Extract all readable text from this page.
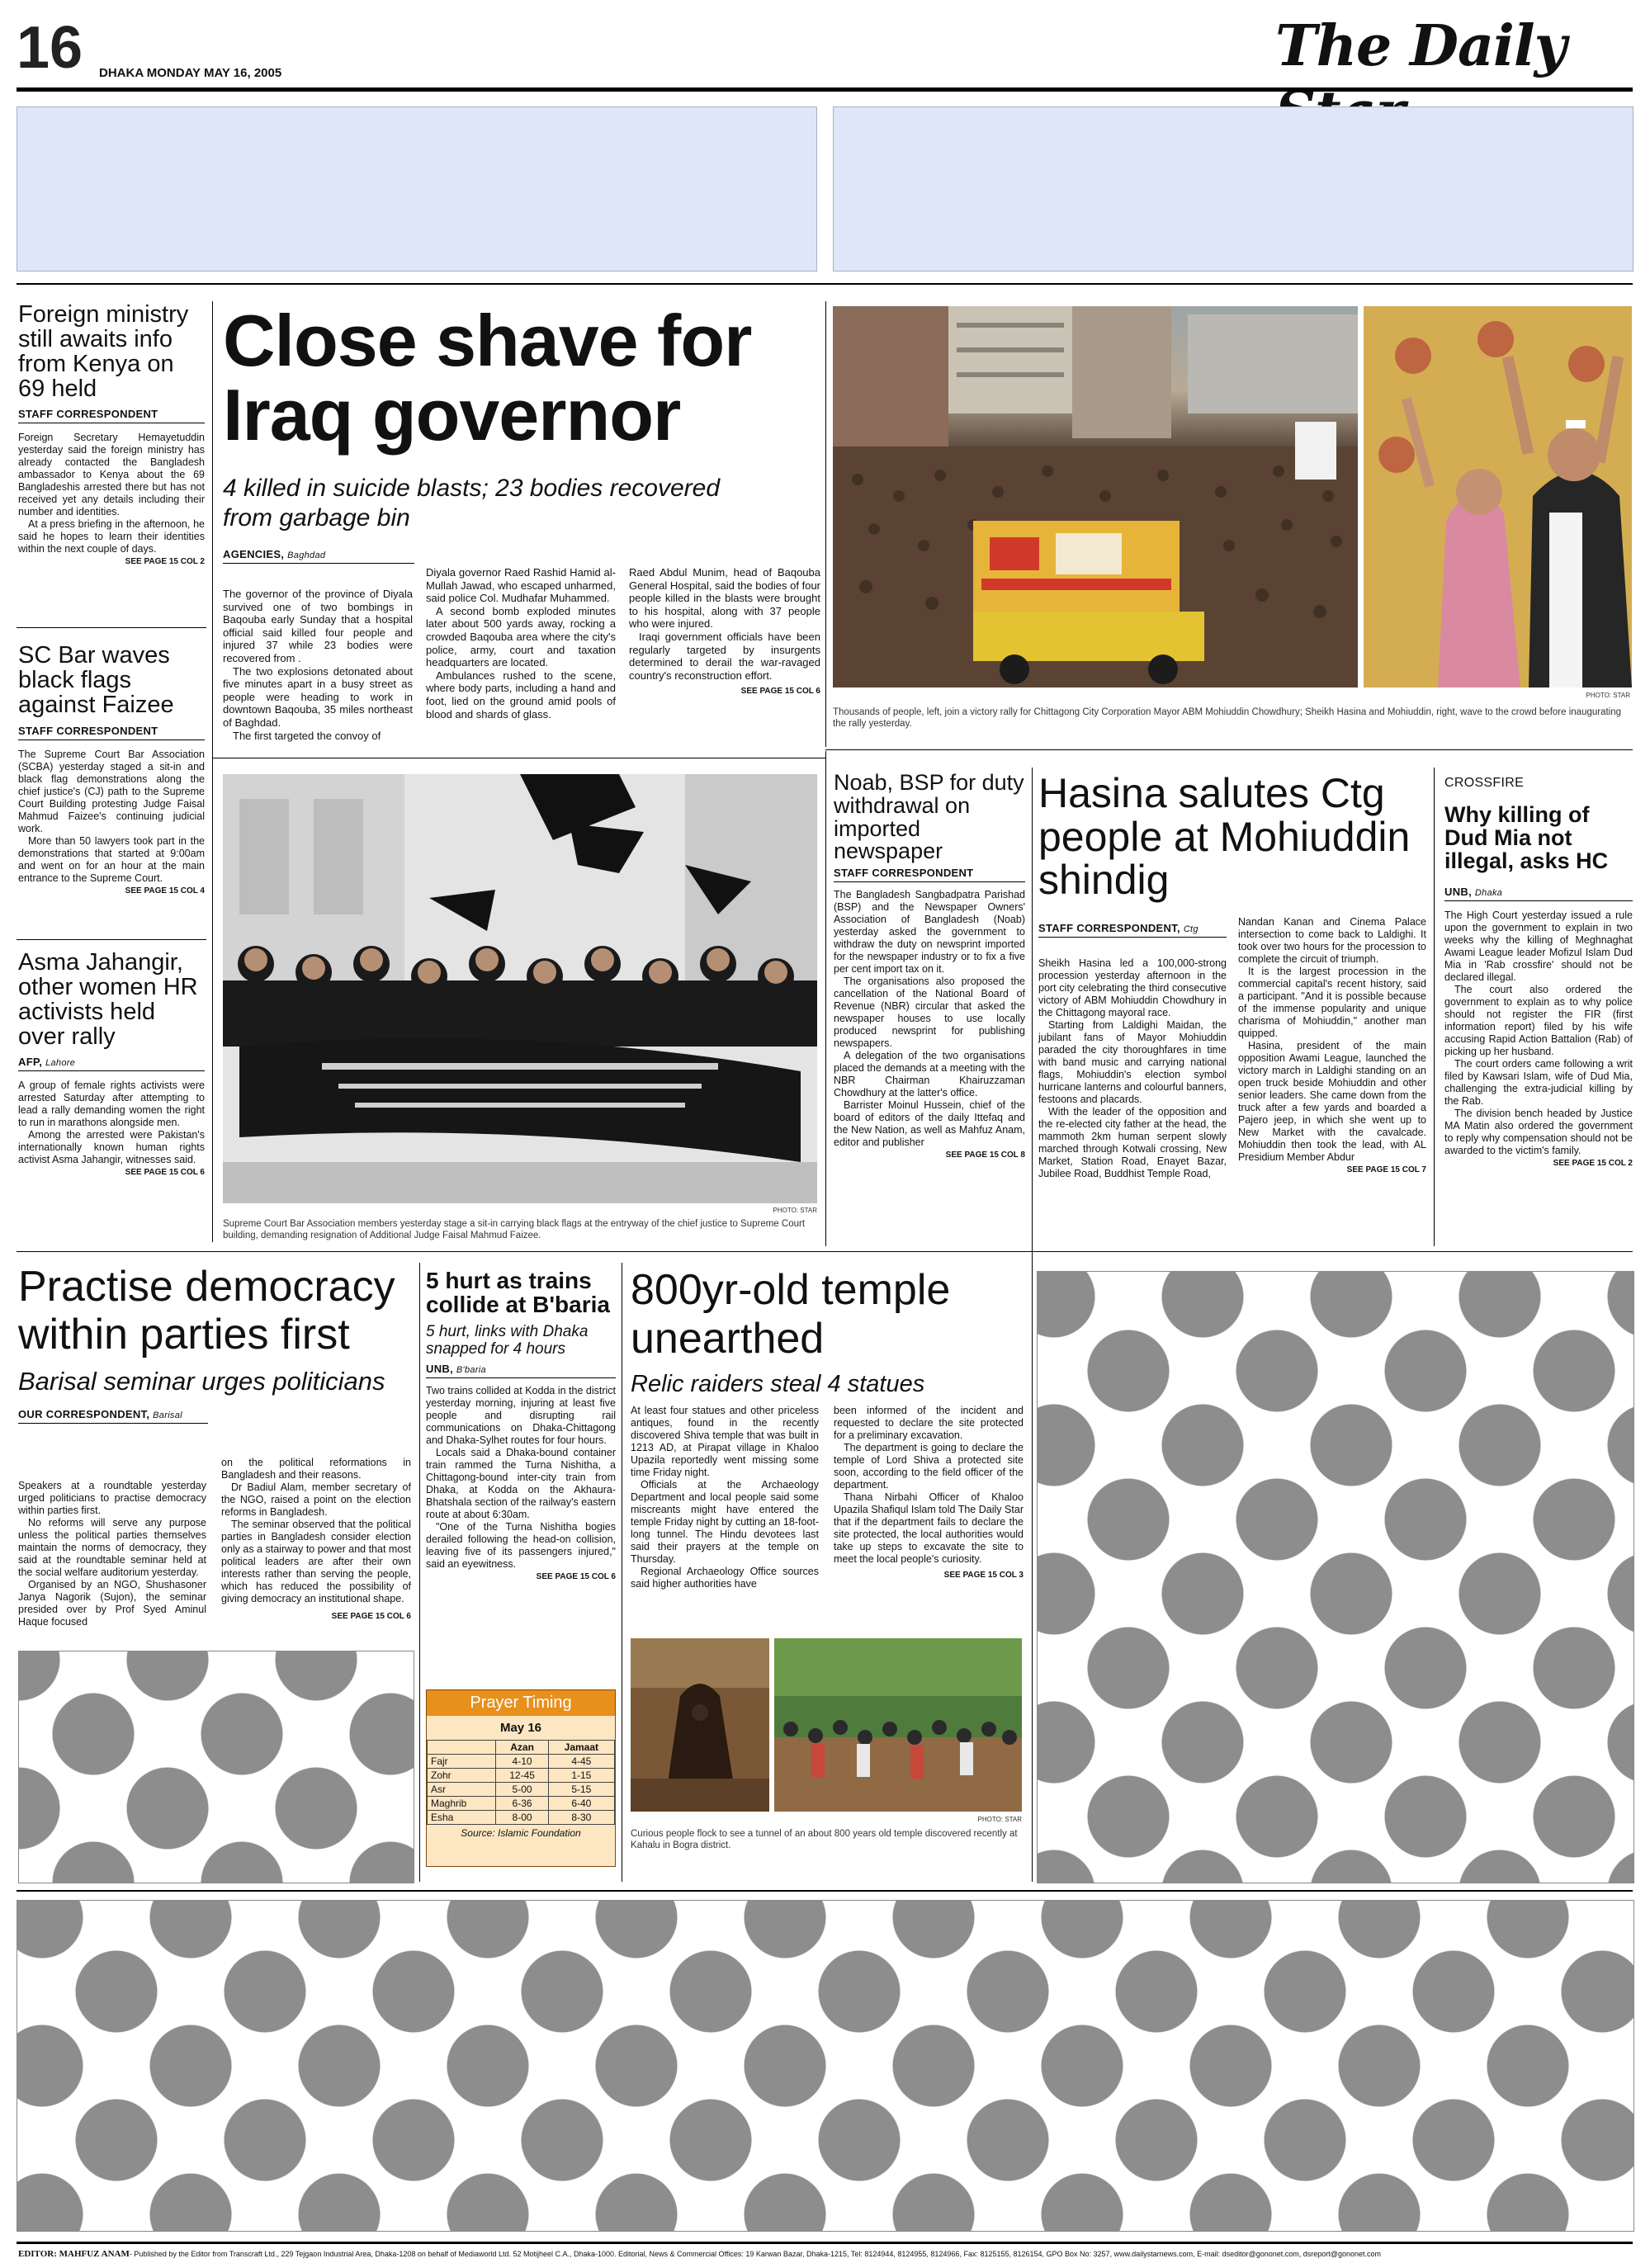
16 DHAKA MONDAY MAY 16, 2005	The Daily
Foreign ministry still awaits info from Kenya on 69 held
STAFF CORRESPONDENT

Foreign Secretary Hemayetuddin yesterday said the foreign ministry has already contacted the Bangladesh ambassador to Kenya about the 69 Bangladeshis arrested there but has not received yet any details including their number and identities.

At a press briefing in the afternoon, he said he hopes to learn their identities within the next couple of days.

SEE PAGE 15 COL 2
SC Bar waves black flags against Faizee
STAFF CORRESPONDENT

The Supreme Court Bar Association (SCBA) yesterday staged a sit-in and black flag demonstrations along the chief justice's (CJ) path to the Supreme Court Building protesting Judge Faisal Mahmud Faizee's continuing judicial work.

More than 50 lawyers took part in the demonstrations that started at 9:00am and went on for an hour at the main entrance to the Supreme Court.

SEE PAGE 15 COL 4
Asma Jahangir, other women HR activists held over rally
AFP, Lahore

A group of female rights activists were arrested Saturday after attempting to lead a rally demanding women the right to run in marathons alongside men.

Among the arrested were Pakistan's internationally known human rights activist Asma Jahangir, witnesses said.

SEE PAGE 15 COL 6
Close shave for Iraq governor
4 killed in suicide blasts; 23 bodies recovered from garbage bin
AGENCIES, Baghdad

The governor of the province of Diyala survived one of two bombings in Baqouba early Sunday that a hospital official said killed four people and injured 37 while 23 bodies were recovered from .

The two explosions detonated about five minutes apart in a busy street as people were heading to work in downtown Baqouba, 35 miles northeast of Baghdad.

The first targeted the convoy of

Diyala governor Raed Rashid Hamid al-Mullah Jawad, who escaped unharmed, said police Col. Mudhafar Muhammed.

A second bomb exploded minutes later about 500 yards away, rocking a crowded Baqouba area where the city's police, army, court and taxation headquarters are located.

Ambulances rushed to the scene, where body parts, including a hand and foot, lied on the ground amid pools of blood and shards of glass.

Raed Abdul Munim, head of Baqouba General Hospital, said the bodies of four people killed in the blasts were brought to his hospital, along with 37 people who were injured.

Iraqi government officials have been regularly targeted by insurgents determined to derail the war-ravaged country's reconstruction effort.

SEE PAGE 15 COL 6	PHOTO: STAR
Thousands of people, left, join a victory rally for Chittagong City Corporation Mayor ABM Mohiuddin Chowdhury; Sheikh Hasina and Mohiuddin, right, wave to the crowd before inaugurating the rally yesterday.
PHOTO: STAR
Supreme Court Bar Association members yesterday stage a sit-in carrying black flags at the entryway of the chief justice to Supreme Court building, demanding resignation of Additional Judge Faisal Mahmud Faizee.
Noab, BSP for duty withdrawal on imported newspaper
STAFF CORRESPONDENT

The Bangladesh Sangbadpatra Parishad (BSP) and the Newspaper Owners' Association of Bangladesh (Noab) yesterday asked the government to withdraw the duty on newsprint imported for the newspaper industry or to fix a five per cent import tax on it.

The organisations also proposed the cancellation of the National Board of Revenue (NBR) circular that asked the newspaper houses to use locally produced newsprint for publishing newspapers.

A delegation of the two organisations placed the demands at a meeting with the NBR Chairman Khairuzzaman Chowdhury at the latter's office.

Barrister Moinul Hussein, chief of the board of editors of the daily Ittefaq and the New Nation, as well as Mahfuz Anam, editor and publisher

SEE PAGE 15 COL 8
Hasina salutes Ctg people at Mohiuddin shindig
STAFF CORRESPONDENT, Ctg

Sheikh Hasina led a 100,000-strong procession yesterday afternoon in the port city celebrating the third consecutive victory of ABM Mohiuddin Chowdhury in the Chittagong mayoral race.

Starting from Laldighi Maidan, the jubilant fans of Mayor Mohiuddin paraded the city thoroughfares in time with band music and carrying national flags, Mohiuddin's election symbol hurricane lanterns and colourful banners, festoons and placards.

With the leader of the opposition and the re-elected city father at the head, the mammoth 2km human serpent slowly marched through Kotwali crossing, New Market, Station Road, Enayet Bazar, Jubilee Road, Buddhist Temple Road,

Nandan Kanan and Cinema Palace intersection to come back to Laldighi. It took over two hours for the procession to complete the circuit of triumph.

It is the largest procession in the commercial capital's recent history, said a participant. "And it is possible because of the immense popularity and unique charisma of Mohiuddin," another man quipped.

Hasina, president of the main opposition Awami League, launched the victory march in Laldighi standing on an open truck beside Mohiuddin and other senior leaders. She came down from the truck after a few yards and boarded a Pajero jeep, in which she went up to New Market with the cavalcade. Mohiuddin then took the lead, with AL Presidium Member Abdur

SEE PAGE 15 COL 7
CROSSFIRE
Why killing of Dud Mia not illegal, asks HC
UNB, Dhaka

The High Court yesterday issued a rule upon the government to explain in two weeks why the killing of Meghnaghat Awami League leader Mofizul Islam Dud Mia in 'Rab crossfire' should not be declared illegal.

The court also ordered the government to explain as to why police should not register the FIR (first information report) filed by his wife accusing Rapid Action Battalion (Rab) of picking up her husband.

The court orders came following a writ filed by Kawsari Islam, wife of Dud Mia, challenging the extra-judicial killing by the Rab.

The division bench headed by Justice MA Matin also ordered the government to reply why compensation should not be awarded to the victim's family.

SEE PAGE 15 COL 2
Practise democracy within parties first
Barisal seminar urges politicians
OUR CORRESPONDENT, Barisal

Speakers at a roundtable yesterday urged politicians to practise democracy within parties first.

No reforms will serve any purpose unless the political parties themselves maintain the norms of democracy, they said at the roundtable seminar held at the social welfare auditorium yesterday.

Organised by an NGO, Shushasoner Janya Nagorik (Sujon), the seminar presided over by Prof Syed Aminul Haque focused

on the political reformations in Bangladesh and their reasons.

Dr Badiul Alam, member secretary of the NGO, raised a point on the election reforms in Bangladesh.

The seminar observed that the political parties in Bangladesh consider election only as a stairway to power and that most political leaders are after their own interests rather than serving the people, which has reduced the possibility of giving democracy an institutional shape.

SEE PAGE 15 COL 6
5 hurt as trains collide at B'baria
5 hurt, links with Dhaka snapped for 4 hours
UNB, B'baria

Two trains collided at Kodda in the district yesterday morning, injuring at least five people and disrupting rail communications on Dhaka-Chittagong and Dhaka-Sylhet routes for four hours.

Locals said a Dhaka-bound container train rammed the Turna Nishitha, a Chittagong-bound inter-city train from Dhaka, at Kodda on the Akhaura-Bhatshala section of the railway's eastern route at about 6:30am.

"One of the Turna Nishitha bogies derailed following the head-on collision, leaving five of its passengers injured," said an eyewitness.

SEE PAGE 15 COL 6
Prayer Timing
May 16
	Azan	Jamaat
Fajr	4-10	4-45
Zohr	12-45	1-15
Asr	5-00	5-15
Maghrib	6-36	6-40
Esha	8-00	8-30
Source: Islamic Foundation
800yr-old temple unearthed
Relic raiders steal 4 statues

At least four statues and other priceless antiques, found in the recently discovered Shiva temple that was built in 1213 AD, at Pirapat village in Khaloo Upazila reportedly went missing some time Friday night.

Officials at the Archaeology Department and local people said some miscreants might have entered the temple Friday night by cutting an 18-foot-long tunnel. The Hindu devotees last said their prayers at the temple on Thursday.

Regional Archaeology Office sources said higher authorities have

been informed of the incident and requested to declare the site protected for a preliminary excavation.

The department is going to declare the temple of Lord Shiva a protected site soon, according to the field officer of the department.

Thana Nirbahi Officer of Khaloo Upazila Shafiqul Islam told The Daily Star that if the department fails to declare the site protected, the local authorities would take up steps to excavate the site to meet the local people's curiosity.

SEE PAGE 15 COL 3
PHOTO: STAR
Curious people flock to see a tunnel of an about 800 years old temple discovered recently at Kahalu in Bogra district.
EDITOR: MAHFUZ ANAM- Published by the Editor from Transcraft Ltd., 229 Tejgaon Industrial Area, Dhaka-1208 on behalf of Mediaworld Ltd. 52 Motijheel C.A., Dhaka-1000. Editorial, News & Commercial Offices: 19 Karwan Bazar, Dhaka-1215, Tel: 8124944, 8124955, 8124966, Fax: 8125155, 8126154, GPO Box No: 3257, www.dailystarnews.com, E-mail: dseditor@gononet.com, dsreport@gononet.com
